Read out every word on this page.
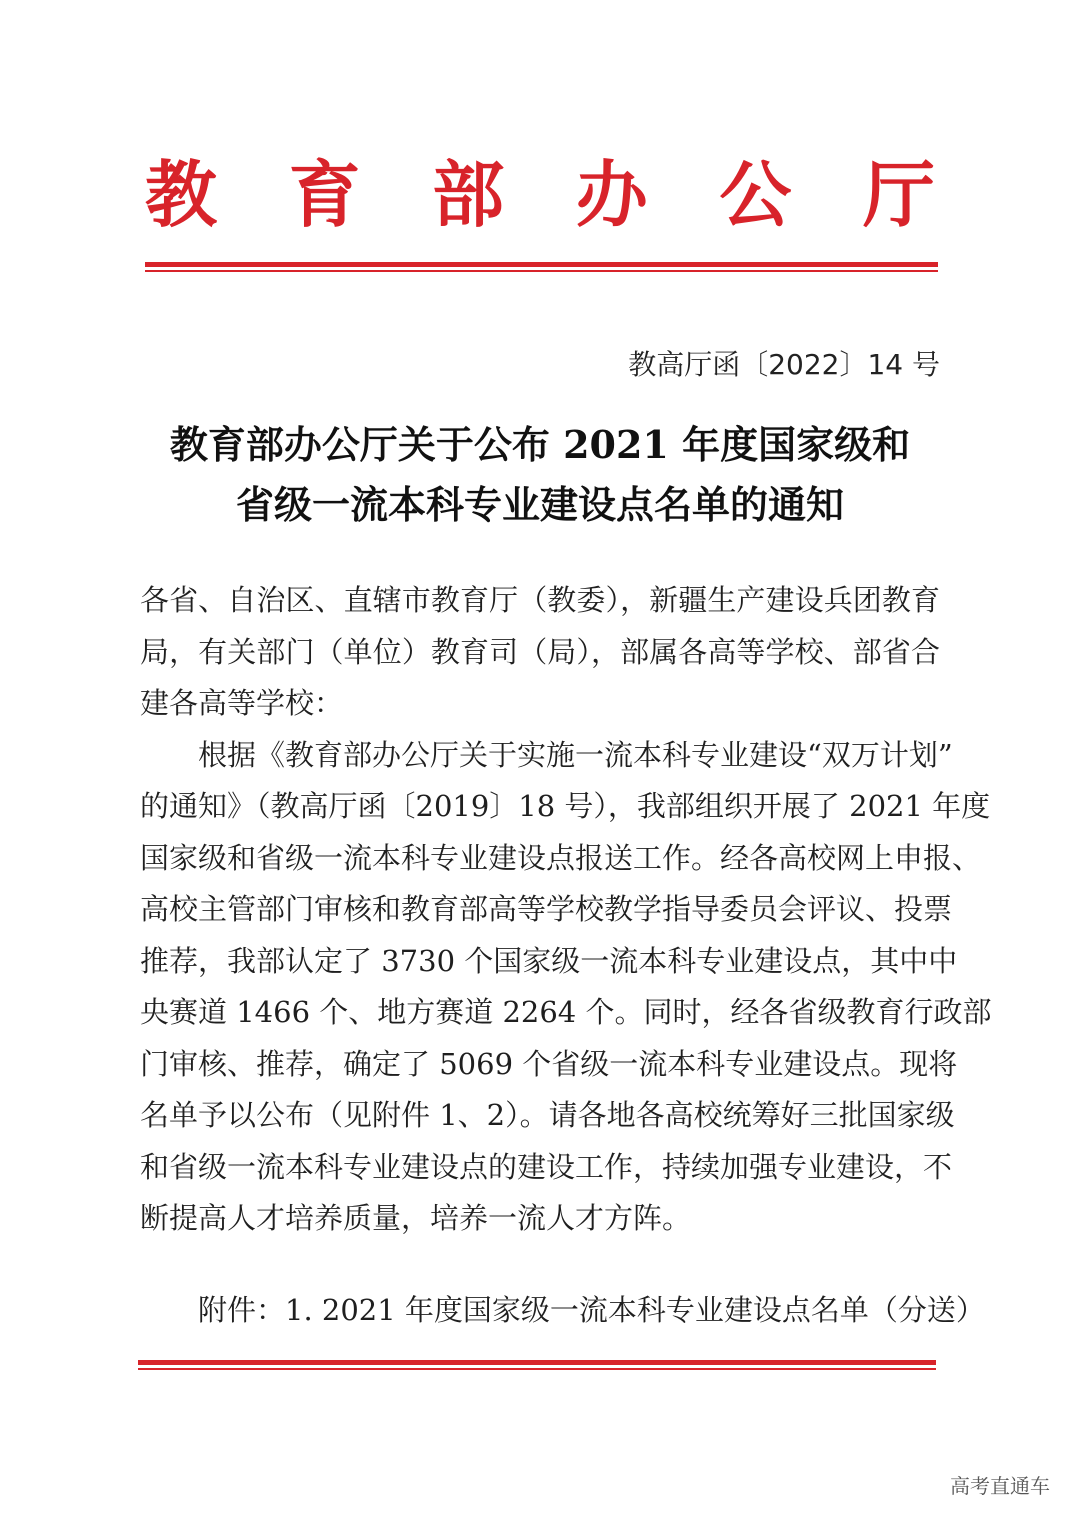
教 育 部 办 公 厅
教高厅函〔2022〕14 号
教育部办公厅关于公布 2021 年度国家级和
省级一流本科专业建设点名单的通知
各省、自治区、直辖市教育厅（教委），新疆生产建设兵团教育
局，有关部门（单位）教育司（局），部属各高等学校、部省合
建各高等学校：
根据《教育部办公厅关于实施一流本科专业建设“双万计划”
的通知》（教高厅函〔2019〕18 号），我部组织开展了 2021 年度
国家级和省级一流本科专业建设点报送工作。经各高校网上申报、
高校主管部门审核和教育部高等学校教学指导委员会评议、投票
推荐，我部认定了 3730 个国家级一流本科专业建设点，其中中
央赛道 1466 个、地方赛道 2264 个。同时，经各省级教育行政部
门审核、推荐，确定了 5069 个省级一流本科专业建设点。现将
名单予以公布（见附件 1、2）。请各地各高校统筹好三批国家级
和省级一流本科专业建设点的建设工作，持续加强专业建设，不
断提高人才培养质量，培养一流人才方阵。
附件：1. 2021 年度国家级一流本科专业建设点名单（分送）
高考直通车
